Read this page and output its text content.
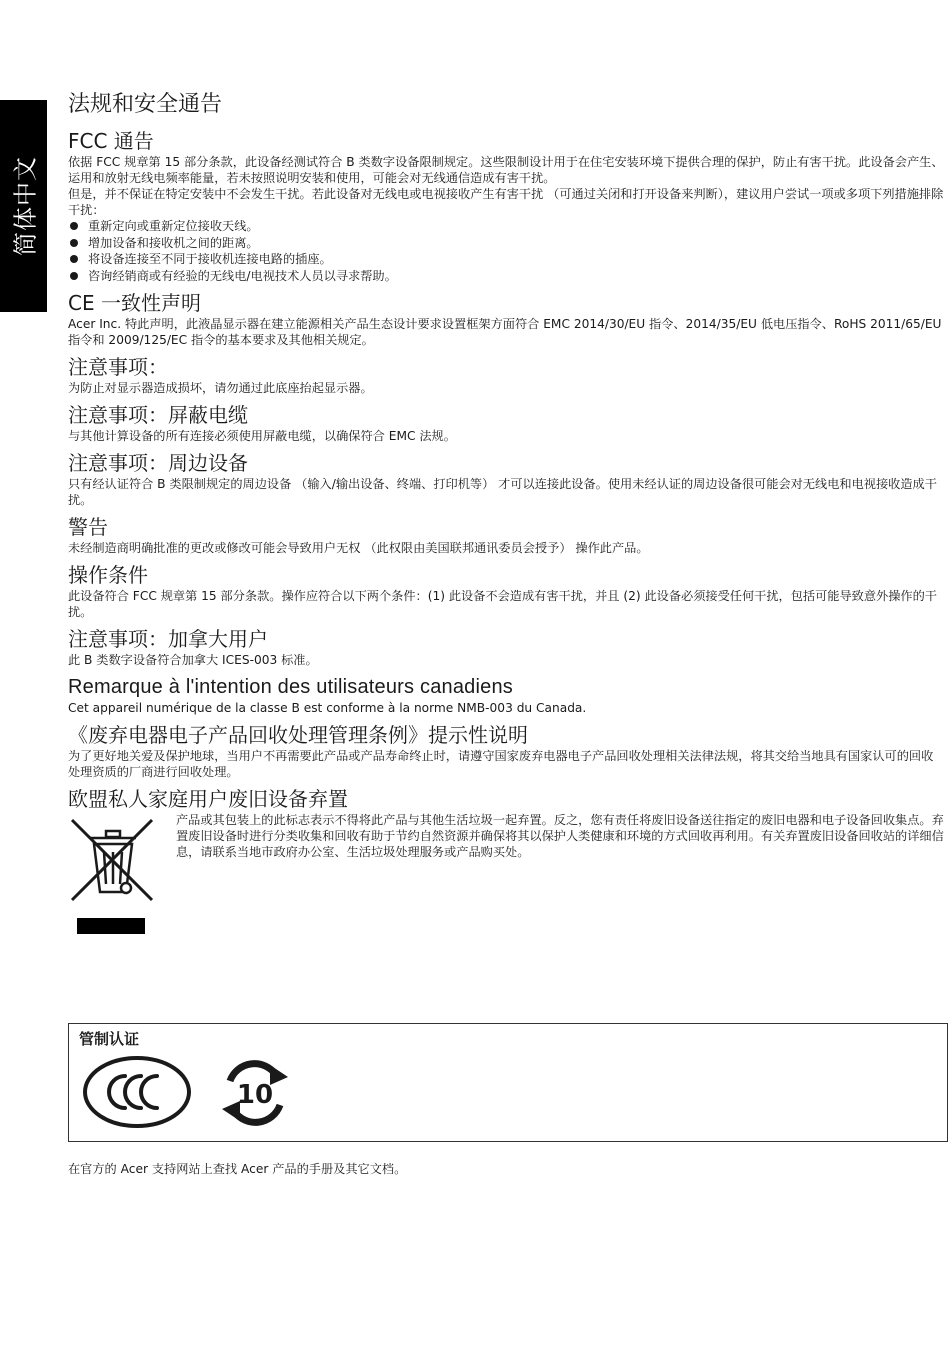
简体中文
法规和安全通告
FCC 通告

依据 FCC 规章第 15 部分条款，此设备经测试符合 B 类数字设备限制规定。这些限制设计用于在住宅安装环境下提供合理的保护，防止有害干扰。此设备会产生、运用和放射无线电频率能量，若未按照说明安装和使用，可能会对无线通信造成有害干扰。

但是，并不保证在特定安装中不会发生干扰。若此设备对无线电或电视接收产生有害干扰 （可通过关闭和打开设备来判断），建议用户尝试一项或多项下列措施排除干扰：

重新定向或重新定位接收天线。
增加设备和接收机之间的距离。
将设备连接至不同于接收机连接电路的插座。
咨询经销商或有经验的无线电/电视技术人员以寻求帮助。
CE 一致性声明

Acer Inc. 特此声明，此液晶显示器在建立能源相关产品生态设计要求设置框架方面符合 EMC 2014/30/EU 指令、2014/35/EU 低电压指令、RoHS 2011/65/EU 指令和 2009/125/EC 指令的基本要求及其他相关规定。

注意事项：

为防止对显示器造成损坏，请勿通过此底座抬起显示器。

注意事项：屏蔽电缆

与其他计算设备的所有连接必须使用屏蔽电缆，以确保符合 EMC 法规。

注意事项：周边设备

只有经认证符合 B 类限制规定的周边设备 （输入/输出设备、终端、打印机等） 才可以连接此设备。使用未经认证的周边设备很可能会对无线电和电视接收造成干扰。

警告

未经制造商明确批准的更改或修改可能会导致用户无权 （此权限由美国联邦通讯委员会授予） 操作此产品。

操作条件

此设备符合 FCC 规章第 15 部分条款。操作应符合以下两个条件：(1) 此设备不会造成有害干扰，并且 (2) 此设备必须接受任何干扰，包括可能导致意外操作的干扰。

注意事项：加拿大用户

此 B 类数字设备符合加拿大 ICES-003 标准。

Remarque à l'intention des utilisateurs canadiens

Cet appareil numérique de la classe B est conforme à la norme NMB-003 du Canada.

《废弃电器电子产品回收处理管理条例》提示性说明

为了更好地关爱及保护地球，当用户不再需要此产品或产品寿命终止时，请遵守国家废弃电器电子产品回收处理相关法律法规，将其交给当地具有国家认可的回收处理资质的厂商进行回收处理。

欧盟私人家庭用户废旧设备弃置

产品或其包装上的此标志表示不得将此产品与其他生活垃圾一起弃置。反之，您有责任将废旧设备送往指定的废旧电器和电子设备回收集点。弃置废旧设备时进行分类收集和回收有助于节约自然资源并确保将其以保护人类健康和环境的方式回收再利用。有关弃置废旧设备回收站的详细信息，请联系当地市政府办公室、生活垃圾处理服务或产品购买处。

管制认证
10
在官方的 Acer 支持网站上查找 Acer 产品的手册及其它文档。
